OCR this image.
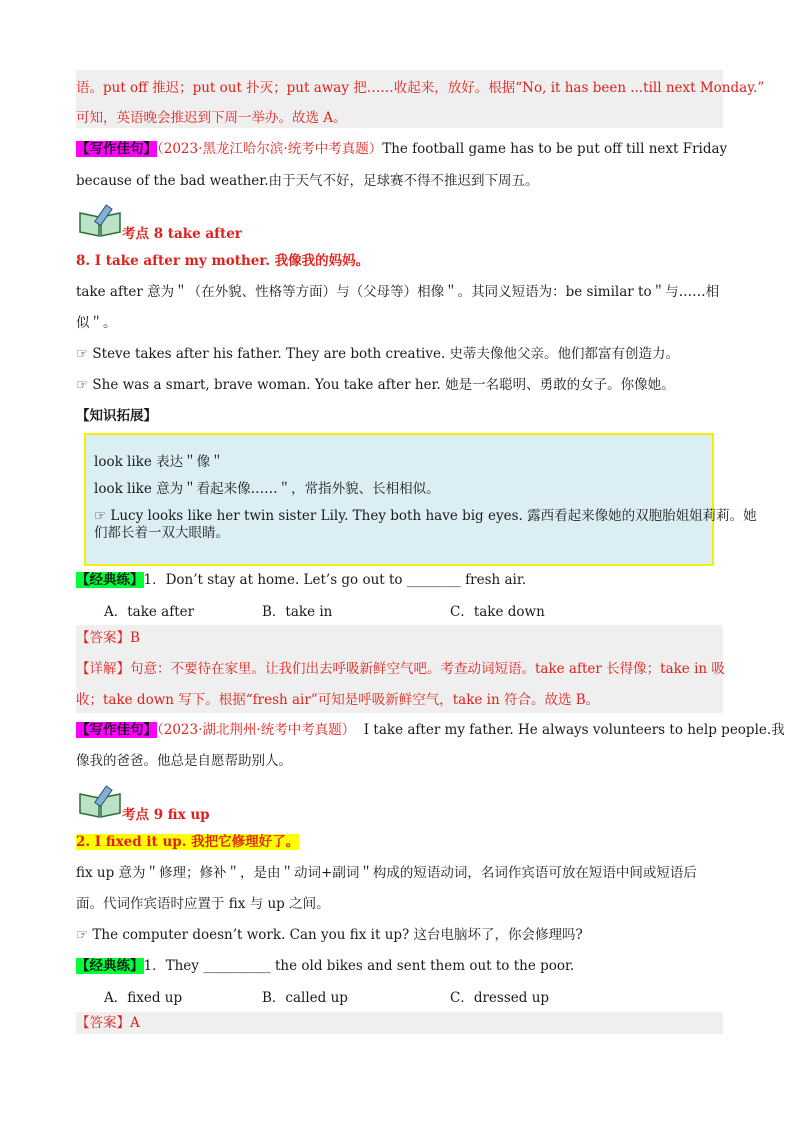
语。put off 推迟；put out 扑灭；put away 把……收起来，放好。根据“No, it has been ...till next Monday.”
可知，英语晚会推迟到下周一举办。故选 A。
【写作佳句】（2023·黑龙江哈尔滨·统考中考真题）The football game has to be put off till next Friday
because of the bad weather.由于天气不好，足球赛不得不推迟到下周五。
考点 8 take after
8. I take after my mother. 我像我的妈妈。
take after 意为＂（在外貌、性格等方面）与（父母等）相像＂。其同义短语为：be similar to＂与……相
似＂。
☞ Steve takes after his father. They are both creative. 史蒂夫像他父亲。他们都富有创造力。
☞ She was a smart, brave woman. You take after her. 她是一名聪明、勇敢的女子。你像她。
【知识拓展】
look like 表达＂像＂
look like 意为＂看起来像……＂，常指外貌、长相相似。
☞ Lucy looks like her twin sister Lily. They both have big eyes. 露西看起来像她的双胞胎姐姐莉莉。她
们都长着一双大眼睛。
【经典练】1．Don’t stay at home. Let’s go out to ________ fresh air.
A．take after	B．take in	C．take down
【答案】B
【详解】句意：不要待在家里。让我们出去呼吸新鲜空气吧。考查动词短语。take after 长得像；take in 吸
收；take down 写下。根据“fresh air”可知是呼吸新鲜空气，take in 符合。故选 B。
【写作佳句】（2023·湖北荆州·统考中考真题） I take after my father. He always volunteers to help people.我
像我的爸爸。他总是自愿帮助别人。
考点 9 fix up
2. I fixed it up. 我把它修理好了。
fix up 意为＂修理；修补＂，是由＂动词+副词＂构成的短语动词，名词作宾语可放在短语中间或短语后
面。代词作宾语时应置于 fix 与 up 之间。
☞ The computer doesn’t work. Can you fix it up? 这台电脑坏了，你会修理吗?
【经典练】1．They __________ the old bikes and sent them out to the poor.
A．fixed up	B．called up	C．dressed up
【答案】A
